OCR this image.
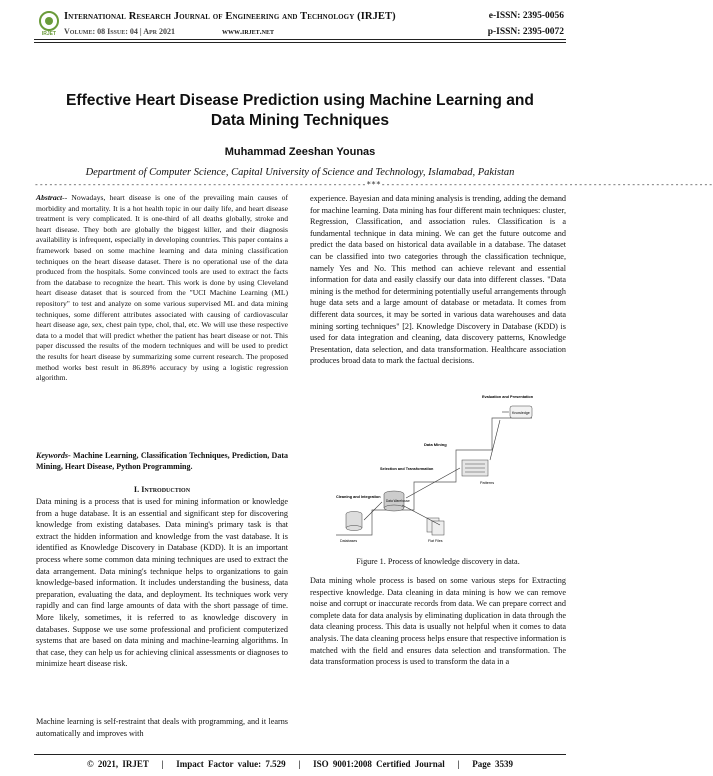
IRJET
International Research Journal of Engineering and Technology (IRJET)
Volume: 08 Issue: 04 | Apr 2021	www.irjet.net
e-ISSN: 2395-0056
p-ISSN: 2395-0072
Effective Heart Disease Prediction using Machine Learning and Data Mining Techniques
Muhammad Zeeshan Younas
Department of Computer Science, Capital University of Science and Technology, Islamabad, Pakistan
---------------------------------------------------------------------***---------------------------------------------------------------------
Abstract-- Nowadays, heart disease is one of the prevailing main causes of morbidity and mortality. It is a hot health topic in our daily life, and heart disease treatment is very complicated. It is one-third of all deaths globally, stroke and heart disease. They both are globally the biggest killer, and their diagnosis availability is infrequent, especially in developing countries. This paper contains a framework based on some machine learning and data mining classification techniques on the heart disease dataset. There is no operational use of the data produced from the hospitals. Some convinced tools are used to extract the facts from the database to recognize the heart. This work is done by using Cleveland heart disease dataset that is sourced from the "UCI Machine Learning (ML) repository" to test and analyze on some various supervised ML and data mining techniques, some different attributes associated with causing of cardiovascular heart disease age, sex, chest pain type, chol, thal, etc. We will use these respective data to a model that will predict whether the patient has heart disease or not. This paper discussed the results of the modern techniques and will be used to predict the results for heart disease by summarizing some current research. The proposed method works best result in 86.89% accuracy by using a logistic regression algorithm.
Keywords- Machine Learning, Classification Techniques, Prediction, Data Mining, Heart Disease, Python Programming.
I. Introduction
Data mining is a process that is used for mining information or knowledge from a huge database. It is an essential and significant step for discovering knowledge from existing databases. Data mining's primary task is that extract the hidden information and knowledge from the vast database. It is identified as Knowledge Discovery in Database (KDD). It is an important process where some common data mining techniques are used to extract the data arrangement. Data mining's technique helps to organizations to gain knowledge-based information. It includes understanding the business, data preparation, evaluating the data, and deployment. Its techniques work very rapidly and can find large amounts of data with the short passage of time. More likely, sometimes, it is referred to as knowledge discovery in databases. Suppose we use some professional and proficient computerized systems that are based on data mining and machine-learning algorithms. In that case, they can help us for achieving clinical assessments or diagnoses to minimize heart disease risk.
Machine learning is self-restraint that deals with programming, and it learns automatically and improves with
experience. Bayesian and data mining analysis is trending, adding the demand for machine learning. Data mining has four different main techniques: cluster, Regression, Classification, and association rules. Classification is a fundamental technique in data mining. We can get the future outcome and predict the data based on historical data available in a database. The dataset can be classified into two categories through the classification technique, namely Yes and No. This method can achieve relevant and essential information for data and easily classify our data into different classes. "Data mining is the method for determining potentially useful arrangements through huge data sets and a large amount of database or metadata. It comes from different data sources, it may be sorted in various data warehouses and data mining sorting techniques" [2]. Knowledge Discovery in Database (KDD) is used for data integration and cleaning, data discovery patterns, Knowledge Presentation, data selection, and data transformation. Healthcare association produces broad data to mark the factual decisions.
Databases	Flat Files
Cleaning and Integration
Data Warehouse
Selection and Transformation
Data Mining
Patterns
Evaluation and Presentation
Knowledge
Figure 1. Process of knowledge discovery in data.
Data mining whole process is based on some various steps for Extracting respective knowledge. Data cleaning in data mining is how we can remove noise and corrupt or inaccurate records from data. We can prepare correct and complete data for data analysis by eliminating duplication in data through the data cleaning process. This data is usually not helpful when it comes to data analysis. The data cleaning process helps ensure that respective information is matched with the field and ensures data selection and transformation. The data transformation process is used to transform the data in a
© 2021, IRJET | Impact Factor value: 7.529 | ISO 9001:2008 Certified Journal | Page 3539
